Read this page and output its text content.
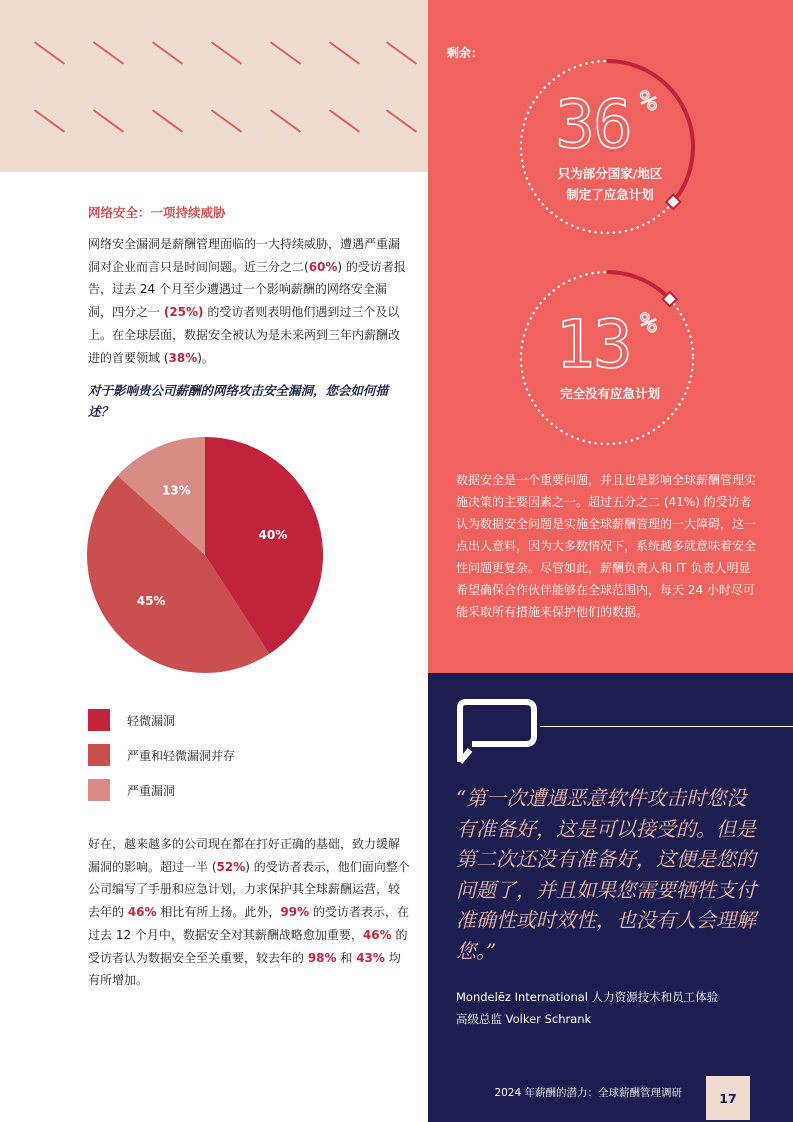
网络安全：一项持续威胁
网络安全漏洞是薪酬管理面临的一大持续威胁，遭遇严重漏洞对企业而言只是时间问题。近三分之二(60%) 的受访者报告，过去 24 个月至少遭遇过一个影响薪酬的网络安全漏洞，四分之一 (25%) 的受访者则表明他们遇到过三个及以上。在全球层面，数据安全被认为是未来两到三年内薪酬改进的首要领域 (38%)。
对于影响贵公司薪酬的网络攻击安全漏洞，您会如何描述？
40%
45%
13%
轻微漏洞
严重和轻微漏洞并存
严重漏洞
好在，越来越多的公司现在都在打好正确的基础，致力缓解漏洞的影响。超过一半 (52%) 的受访者表示，他们面向整个公司编写了手册和应急计划，力求保护其全球薪酬运营，较去年的 46% 相比有所上扬。此外，99% 的受访者表示，在过去 12 个月中，数据安全对其薪酬战略愈加重要，46% 的受访者认为数据安全至关重要，较去年的 98% 和 43% 均有所增加。
剩余：
36 %
只为部分国家/地区
制定了应急计划
13 %
完全没有应急计划
数据安全是一个重要问题，并且也是影响全球薪酬管理实施决策的主要因素之一。超过五分之二 (41%) 的受访者认为数据安全问题是实施全球薪酬管理的一大障碍，这一点出人意料，因为大多数情况下，系统越多就意味着安全性问题更复杂。尽管如此，薪酬负责人和 IT 负责人明显希望确保合作伙伴能够在全球范围内，每天 24 小时尽可能采取所有措施来保护他们的数据。
“第一次遭遇恶意软件攻击时您没有准备好，这是可以接受的。但是第二次还没有准备好，这便是您的问题了，并且如果您需要牺牲支付准确性或时效性，也没有人会理解您。”
Mondelēz International 人力资源技术和员工体验
高级总监 Volker Schrank
2024 年薪酬的潜力：全球薪酬管理调研	17
